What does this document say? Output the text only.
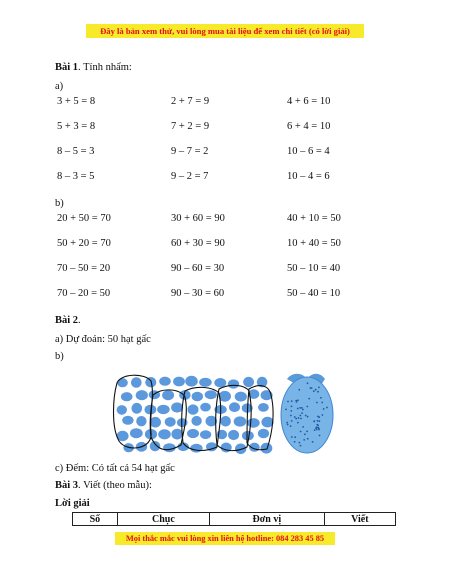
Đây là bản xem thử, vui lòng mua tài liệu để xem chi tiết (có lời giải)
Bài 1. Tính nhẩm:
a)
3 + 5 = 8	2 + 7 = 9	4 + 6 = 10
5 + 3 = 8	7 + 2 = 9	6 + 4 = 10
8 – 5 = 3	9 – 7 = 2	10 – 6 = 4
8 – 3 = 5	9 – 2 = 7	10 – 4 = 6
b)
20 + 50 = 70	30 + 60 = 90	40 + 10 = 50
50 + 20 = 70	60 + 30 = 90	10 + 40 = 50
70 – 50 = 20	90 – 60 = 30	50 – 10 = 40
70 – 20 = 50	90 – 30 = 60	50 – 40 = 10
Bài 2.
a) Dự đoán: 50 hạt gấc
b)
c) Đếm: Có tất cả 54 hạt gấc
Bài 3. Viết (theo mẫu):
Lời giải
Số	Chục	Đơn vị	Viết
Mọi thắc mắc vui lòng xin liên hệ hotline: 084 283 45 85
